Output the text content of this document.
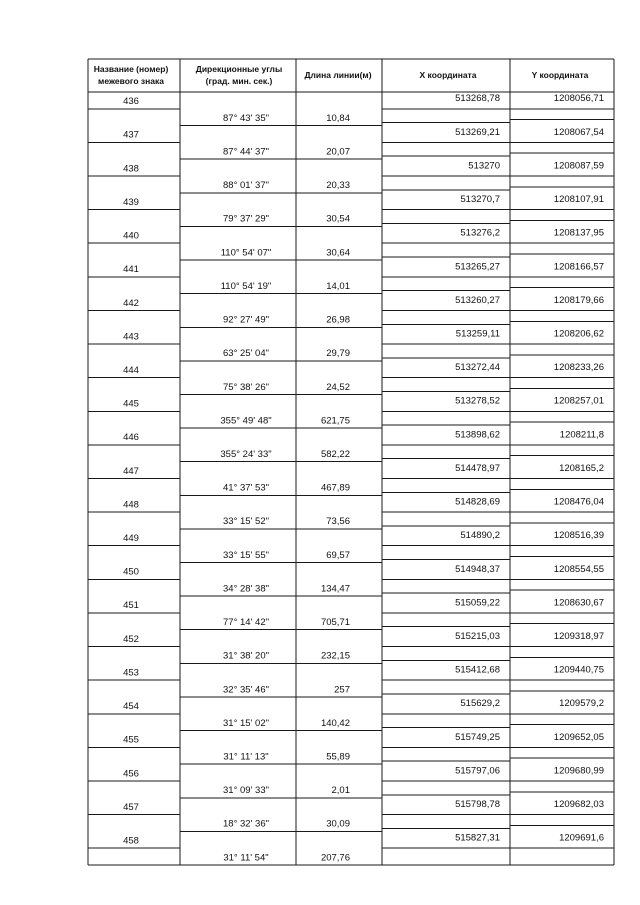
Название (номер)
межевого знака
Дирекционные углы
(град. мин. сек.)
Длина линии(м)	X координата	Y координата
436	513268,78	1208056,71
437	513269,21	1208067,54
438	513270	1208087,59
439	513270,7	1208107,91
440	513276,2	1208137,95
441	513265,27	1208166,57
442	513260,27	1208179,66
443	513259,11	1208206,62
444	513272,44	1208233,26
445	513278,52	1208257,01
446	513898,62	1208211,8
447	514478,97	1208165,2
448	514828,69	1208476,04
449	514890,2	1208516,39
450	514948,37	1208554,55
451	515059,22	1208630,67
452	515215,03	1209318,97
453	515412,68	1209440,75
454	515629,2	1209579,2
455	515749,25	1209652,05
456	515797,06	1209680,99
457	515798,78	1209682,03
458	515827,31	1209691,6
87° 43' 35"	10,84
87° 44' 37"	20,07
88° 01' 37"	20,33
79° 37' 29"	30,54
110° 54' 07"	30,64
110° 54' 19"	14,01
92° 27' 49"	26,98
63° 25' 04"	29,79
75° 38' 26"	24,52
355° 49' 48"	621,75
355° 24' 33"	582,22
41° 37' 53"	467,89
33° 15' 52"	73,56
33° 15' 55"	69,57
34° 28' 38"	134,47
77° 14' 42"	705,71
31° 38' 20"	232,15
32° 35' 46"	257
31° 15' 02"	140,42
31° 11' 13"	55,89
31° 09' 33"	2,01
18° 32' 36"	30,09
31° 11' 54"	207,76
